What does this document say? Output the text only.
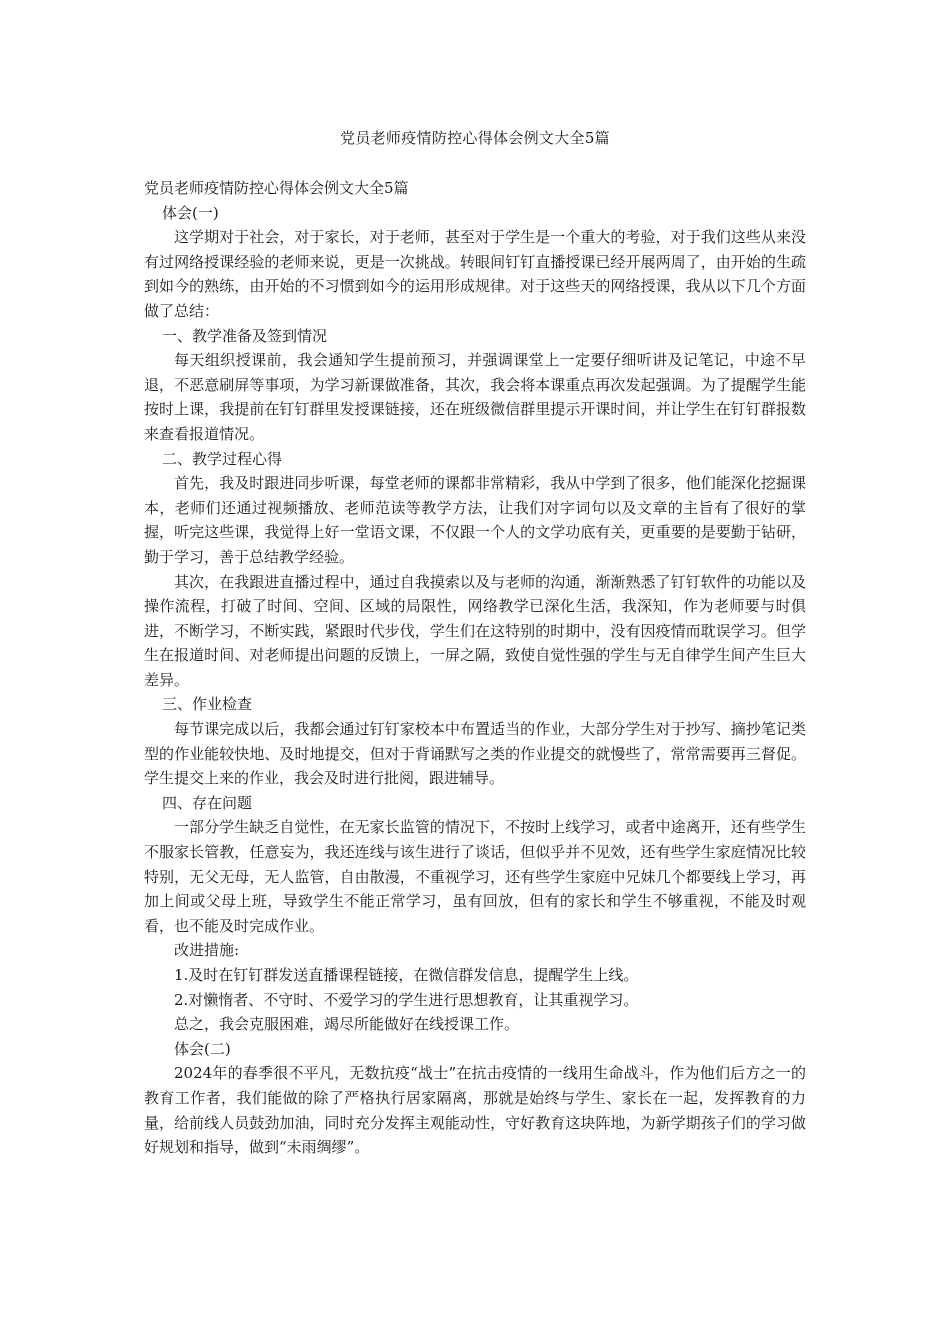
党员老师疫情防控心得体会例文大全5篇

党员老师疫情防控心得体会例文大全5篇

体会(一)

这学期对于社会，对于家长，对于老师，甚至对于学生是一个重大的考验，对于我们这些从来没有过网络授课经验的老师来说，更是一次挑战。转眼间钉钉直播授课已经开展两周了，由开始的生疏到如今的熟练，由开始的不习惯到如今的运用形成规律。对于这些天的网络授课，我从以下几个方面做了总结：

一、教学准备及签到情况

每天组织授课前，我会通知学生提前预习，并强调课堂上一定要仔细听讲及记笔记，中途不早退，不恶意刷屏等事项，为学习新课做准备，其次，我会将本课重点再次发起强调。为了提醒学生能按时上课，我提前在钉钉群里发授课链接，还在班级微信群里提示开课时间，并让学生在钉钉群报数来查看报道情况。

二、教学过程心得

首先，我及时跟进同步听课，每堂老师的课都非常精彩，我从中学到了很多，他们能深化挖掘课本，老师们还通过视频播放、老师范读等教学方法，让我们对字词句以及文章的主旨有了很好的掌握，听完这些课，我觉得上好一堂语文课，不仅跟一个人的文学功底有关，更重要的是要勤于钻研，勤于学习，善于总结教学经验。

其次，在我跟进直播过程中，通过自我摸索以及与老师的沟通，渐渐熟悉了钉钉软件的功能以及操作流程，打破了时间、空间、区域的局限性，网络教学已深化生活，我深知，作为老师要与时俱进，不断学习，不断实践，紧跟时代步伐，学生们在这特别的时期中，没有因疫情而耽误学习。但学生在报道时间、对老师提出问题的反馈上，一屏之隔，致使自觉性强的学生与无自律学生间产生巨大差异。

三、作业检查

每节课完成以后，我都会通过钉钉家校本中布置适当的作业，大部分学生对于抄写、摘抄笔记类型的作业能较快地、及时地提交，但对于背诵默写之类的作业提交的就慢些了，常常需要再三督促。学生提交上来的作业，我会及时进行批阅，跟进辅导。

四、存在问题

一部分学生缺乏自觉性，在无家长监管的情况下，不按时上线学习，或者中途离开，还有些学生不服家长管教，任意妄为，我还连线与该生进行了谈话，但似乎并不见效，还有些学生家庭情况比较特别，无父无母，无人监管，自由散漫，不重视学习，还有些学生家庭中兄妹几个都要线上学习，再加上间或父母上班，导致学生不能正常学习，虽有回放，但有的家长和学生不够重视，不能及时观看，也不能及时完成作业。

改进措施:

1.及时在钉钉群发送直播课程链接，在微信群发信息，提醒学生上线。

2.对懒惰者、不守时、不爱学习的学生进行思想教育，让其重视学习。

总之，我会克服困难，竭尽所能做好在线授课工作。

体会(二)

2024年的春季很不平凡，无数抗疫“战士”在抗击疫情的一线用生命战斗，作为他们后方之一的教育工作者，我们能做的除了严格执行居家隔离，那就是始终与学生、家长在一起，发挥教育的力量，给前线人员鼓劲加油，同时充分发挥主观能动性，守好教育这块阵地，为新学期孩子们的学习做好规划和指导，做到“未雨绸缪”。
